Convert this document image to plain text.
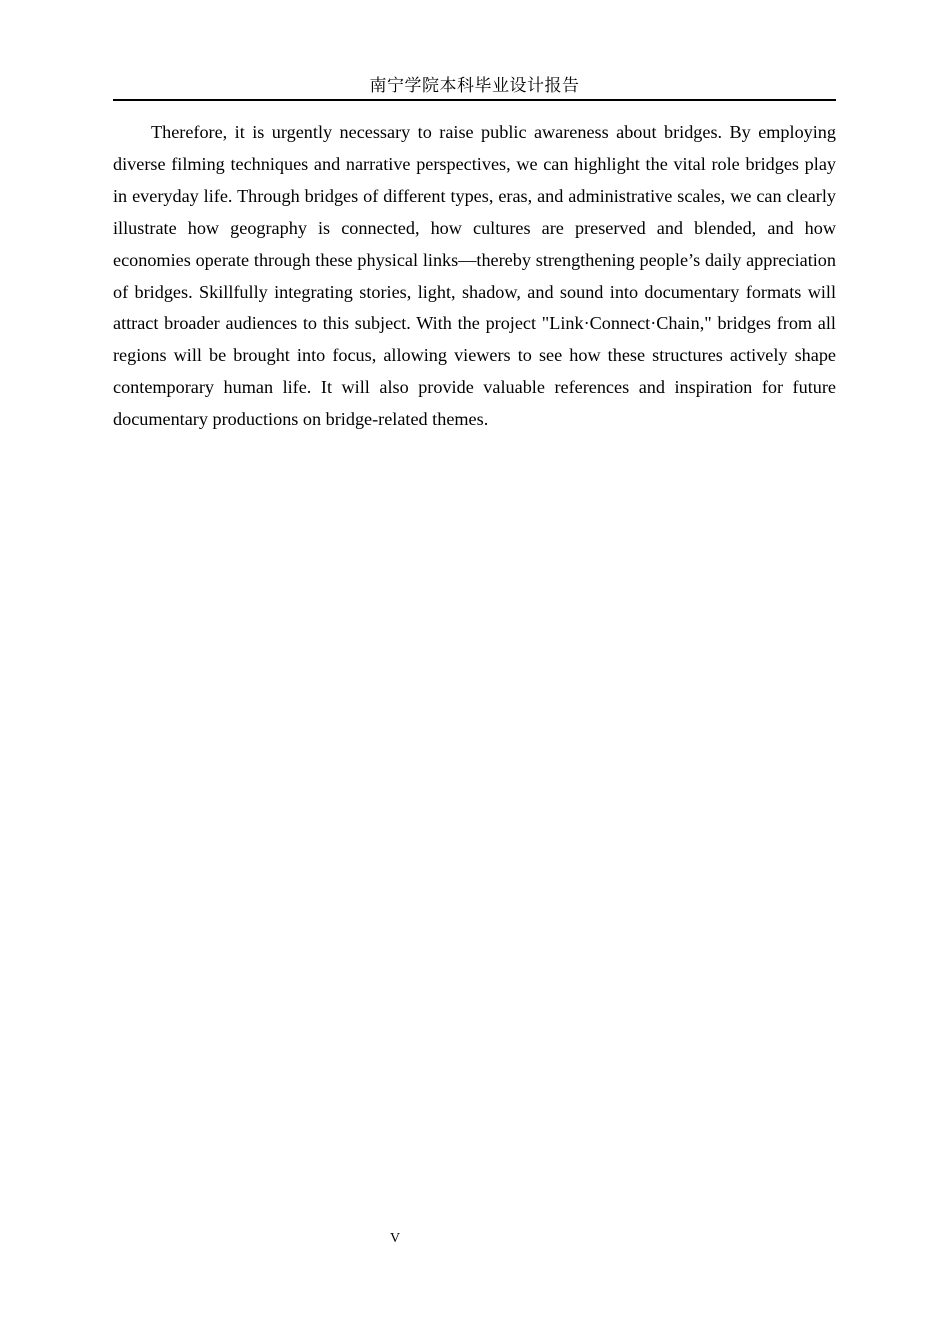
南宁学院本科毕业设计报告

Therefore, it is urgently necessary to raise public awareness about bridges. By employing diverse filming techniques and narrative perspectives, we can highlight the vital role bridges play in everyday life. Through bridges of different types, eras, and administrative scales, we can clearly illustrate how geography is connected, how cultures are preserved and blended, and how economies operate through these physical links—thereby strengthening people’s daily appreciation of bridges. Skillfully integrating stories, light, shadow, and sound into documentary formats will attract broader audiences to this subject. With the project "Link·Connect·Chain," bridges from all regions will be brought into focus, allowing viewers to see how these structures actively shape contemporary human life. It will also provide valuable references and inspiration for future documentary productions on bridge-related themes.

V
